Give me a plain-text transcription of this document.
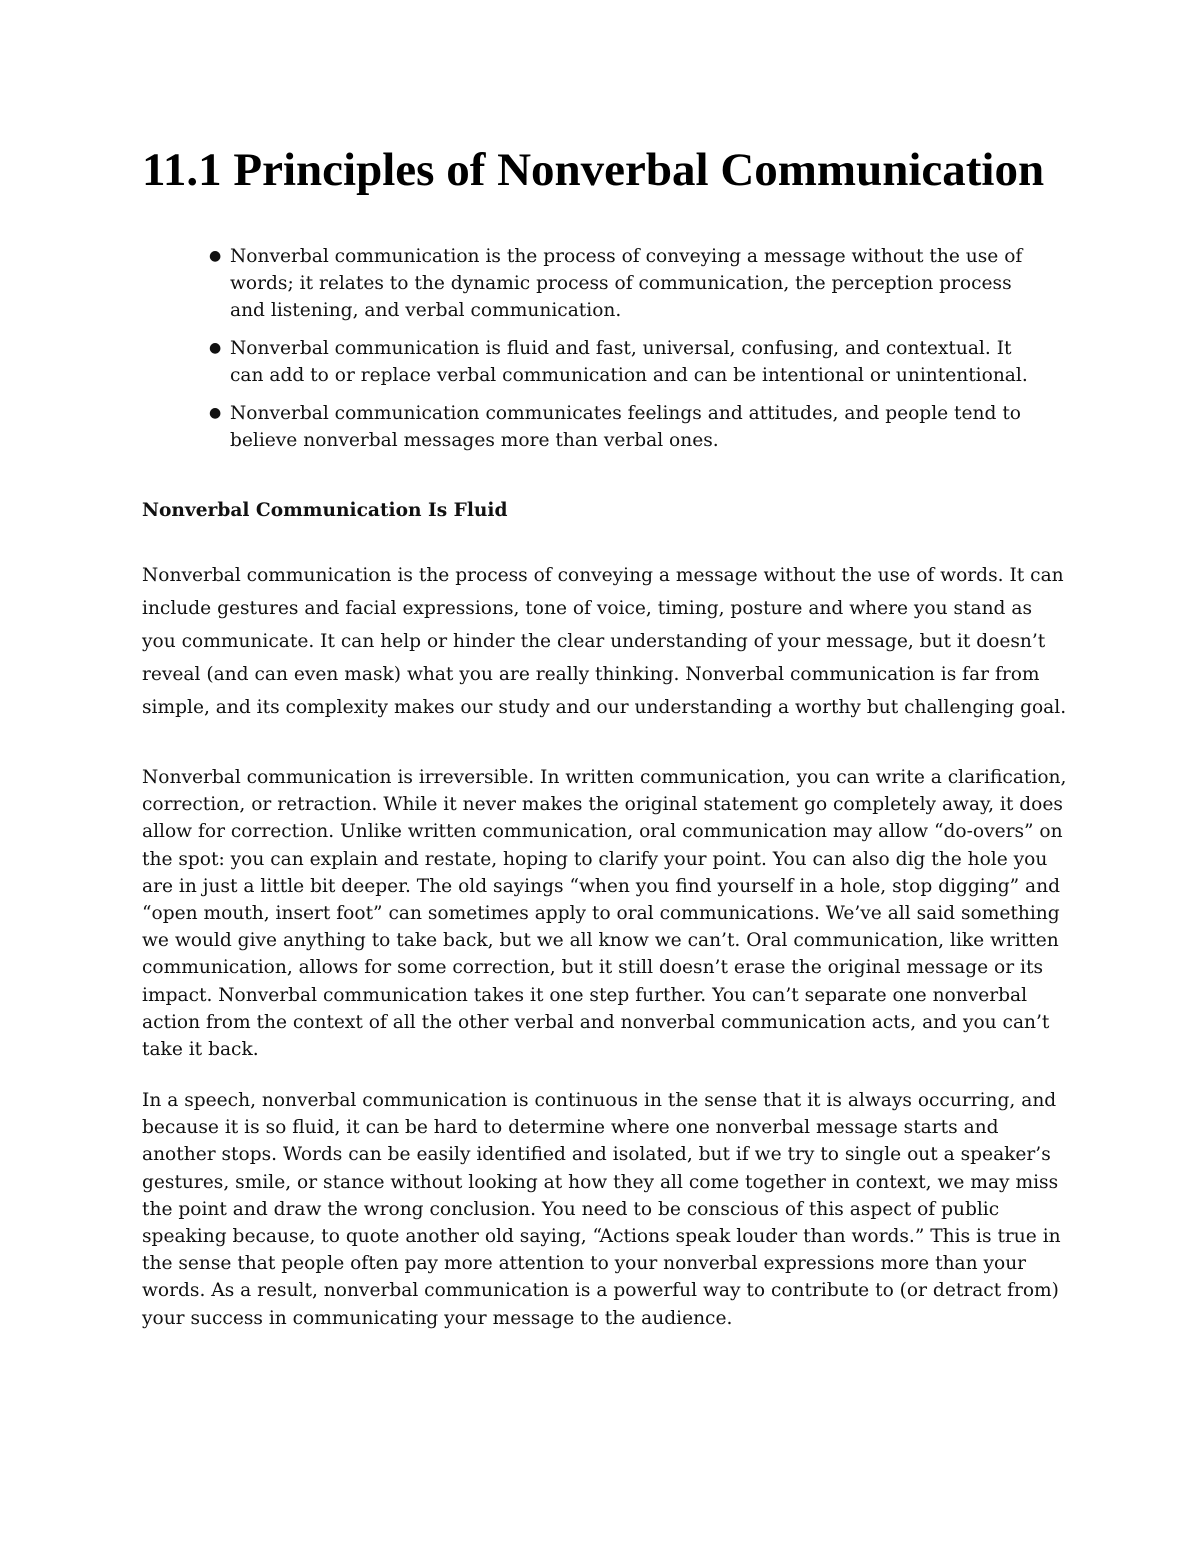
11.1 Principles of Nonverbal Communication
● Nonverbal communication is the process of conveying a message without the use of words; it relates to the dynamic process of communication, the perception process and listening, and verbal communication.
● Nonverbal communication is fluid and fast, universal, confusing, and contextual. It can add to or replace verbal communication and can be intentional or unintentional.
● Nonverbal communication communicates feelings and attitudes, and people tend to believe nonverbal messages more than verbal ones.
Nonverbal Communication Is Fluid

Nonverbal communication is the process of conveying a message without the use of words. It can include gestures and facial expressions, tone of voice, timing, posture and where you stand as you communicate. It can help or hinder the clear understanding of your message, but it doesn’t reveal (and can even mask) what you are really thinking. Nonverbal communication is far from simple, and its complexity makes our study and our understanding a worthy but challenging goal.

Nonverbal communication is irreversible. In written communication, you can write a clarification, correction, or retraction. While it never makes the original statement go completely away, it does allow for correction. Unlike written communication, oral communication may allow “do-overs” on the spot: you can explain and restate, hoping to clarify your point. You can also dig the hole you are in just a little bit deeper. The old sayings “when you find yourself in a hole, stop digging” and “open mouth, insert foot” can sometimes apply to oral communications. We’ve all said something we would give anything to take back, but we all know we can’t. Oral communication, like written communication, allows for some correction, but it still doesn’t erase the original message or its impact. Nonverbal communication takes it one step further. You can’t separate one nonverbal action from the context of all the other verbal and nonverbal communication acts, and you can’t take it back.

In a speech, nonverbal communication is continuous in the sense that it is always occurring, and because it is so fluid, it can be hard to determine where one nonverbal message starts and another stops. Words can be easily identified and isolated, but if we try to single out a speaker’s gestures, smile, or stance without looking at how they all come together in context, we may miss the point and draw the wrong conclusion. You need to be conscious of this aspect of public speaking because, to quote another old saying, “Actions speak louder than words.” This is true in the sense that people often pay more attention to your nonverbal expressions more than your words. As a result, nonverbal communication is a powerful way to contribute to (or detract from) your success in communicating your message to the audience.
